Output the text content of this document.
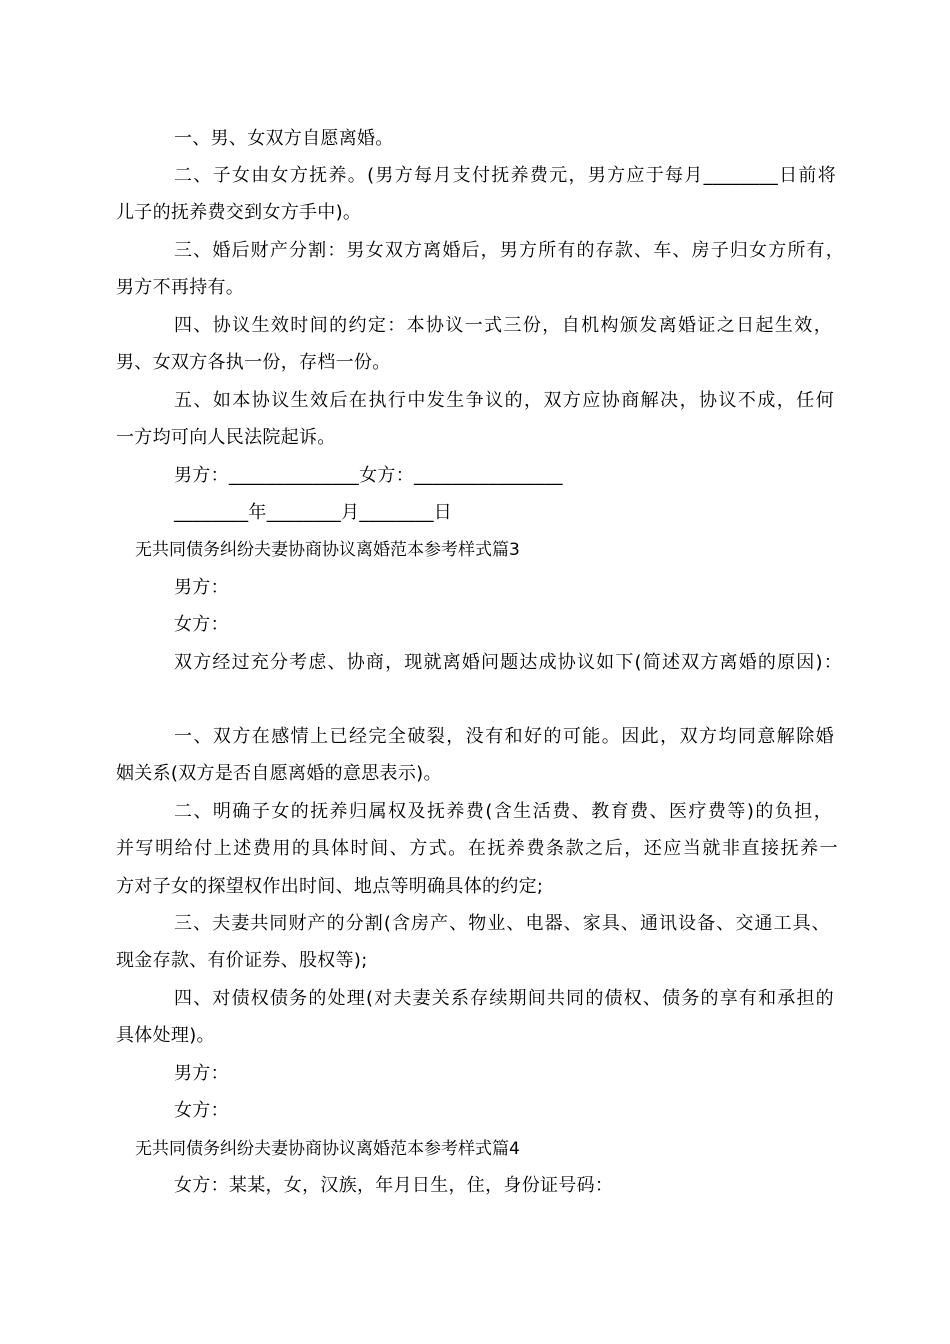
一、男、女双方自愿离婚。
二、子女由女方抚养。(男方每月支付抚养费元，男方应于每月________日前将
儿子的抚养费交到女方手中)。
三、婚后财产分割：男女双方离婚后，男方所有的存款、车、房子归女方所有，
男方不再持有。
四、协议生效时间的约定：本协议一式三份，自机构颁发离婚证之日起生效，
男、女双方各执一份，存档一份。
五、如本协议生效后在执行中发生争议的，双方应协商解决，协议不成，任何
一方均可向人民法院起诉。
男方：______________女方：________________
________年________月________日
无共同债务纠纷夫妻协商协议离婚范本参考样式篇3
男方：
女方：
双方经过充分考虑、协商，现就离婚问题达成协议如下(简述双方离婚的原因)：
一、双方在感情上已经完全破裂，没有和好的可能。因此，双方均同意解除婚
姻关系(双方是否自愿离婚的意思表示)。
二、明确子女的抚养归属权及抚养费(含生活费、教育费、医疗费等)的负担，
并写明给付上述费用的具体时间、方式。在抚养费条款之后，还应当就非直接抚养一
方对子女的探望权作出时间、地点等明确具体的约定;
三、夫妻共同财产的分割(含房产、物业、电器、家具、通讯设备、交通工具、
现金存款、有价证券、股权等);
四、对债权债务的处理(对夫妻关系存续期间共同的债权、债务的享有和承担的
具体处理)。
男方：
女方：
无共同债务纠纷夫妻协商协议离婚范本参考样式篇4
女方：某某，女，汉族，年月日生，住，身份证号码：
